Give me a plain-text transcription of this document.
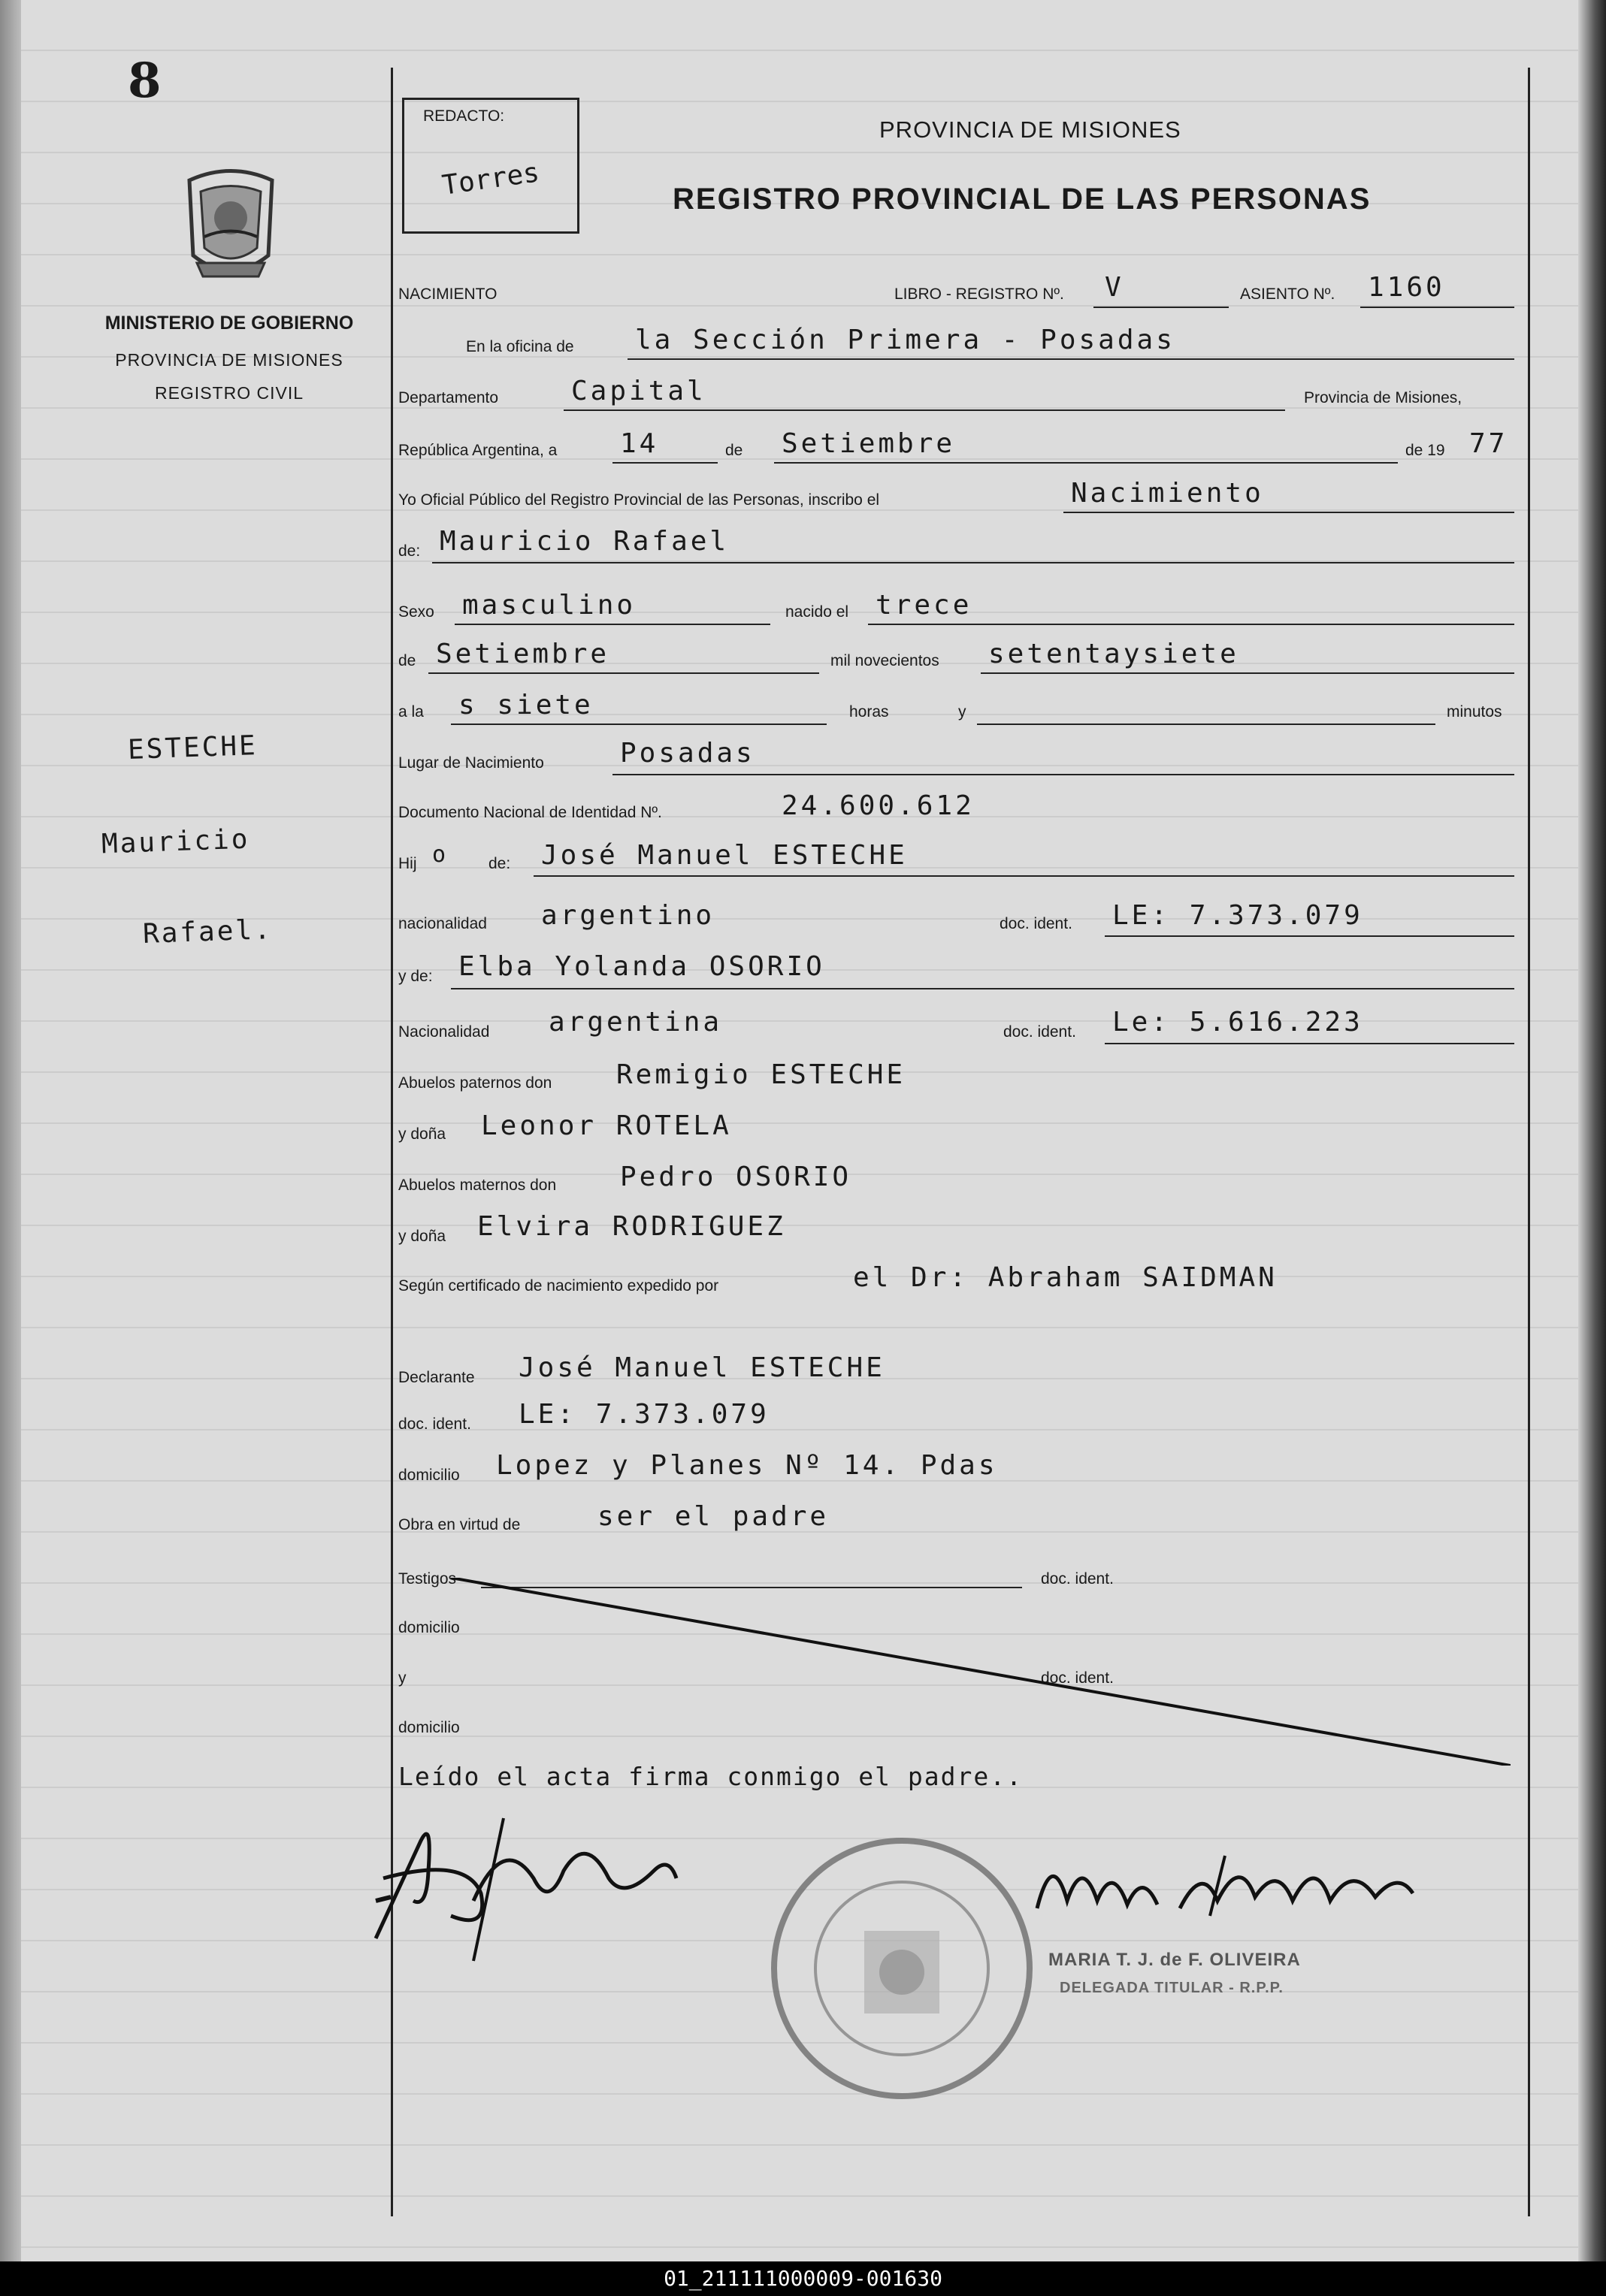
8
MINISTERIO DE GOBIERNO
PROVINCIA DE MISIONES
REGISTRO CIVIL
ESTECHE
Mauricio
Rafael.
REDACTO:
Torres
PROVINCIA DE MISIONES
REGISTRO PROVINCIAL DE LAS PERSONAS
NACIMIENTO	LIBRO - REGISTRO Nº. V	ASIENTO Nº. 1160
En la oficina de la Sección Primera - Posadas
Departamento	Capital	Provincia de Misiones,
República Argentina, a 14	de Setiembre	de 19 77
Yo Oficial Público del Registro Provincial de las Personas, inscribo el	Nacimiento
de: Mauricio Rafael
Sexo masculino	nacido el trece
de Setiembre	mil novecientos setentaysiete
a la s siete	horas	y	minutos
Lugar de Nacimiento	Posadas
Documento Nacional de Identidad Nº.	24.600.612
Hij o	de: José Manuel ESTECHE
nacionalidad argentino	doc. ident. LE: 7.373.079
y de: Elba Yolanda OSORIO
Nacionalidad argentina	doc. ident. Le: 5.616.223
Abuelos paternos don Remigio ESTECHE
y doña Leonor ROTELA
Abuelos maternos don Pedro OSORIO
y doña Elvira RODRIGUEZ
Según certificado de nacimiento expedido por	el Dr: Abraham SAIDMAN
Declarante José Manuel ESTECHE
doc. ident. LE: 7.373.079
domicilio Lopez y Planes Nº 14. Pdas
Obra en virtud de	ser el padre
Testigos	doc. ident.
domicilio
y	doc. ident.
domicilio
Leído el acta firma conmigo el padre..
MARIA T. J. de F. OLIVEIRA
DELEGADA TITULAR - R.P.P.
01_211111000009-001630
